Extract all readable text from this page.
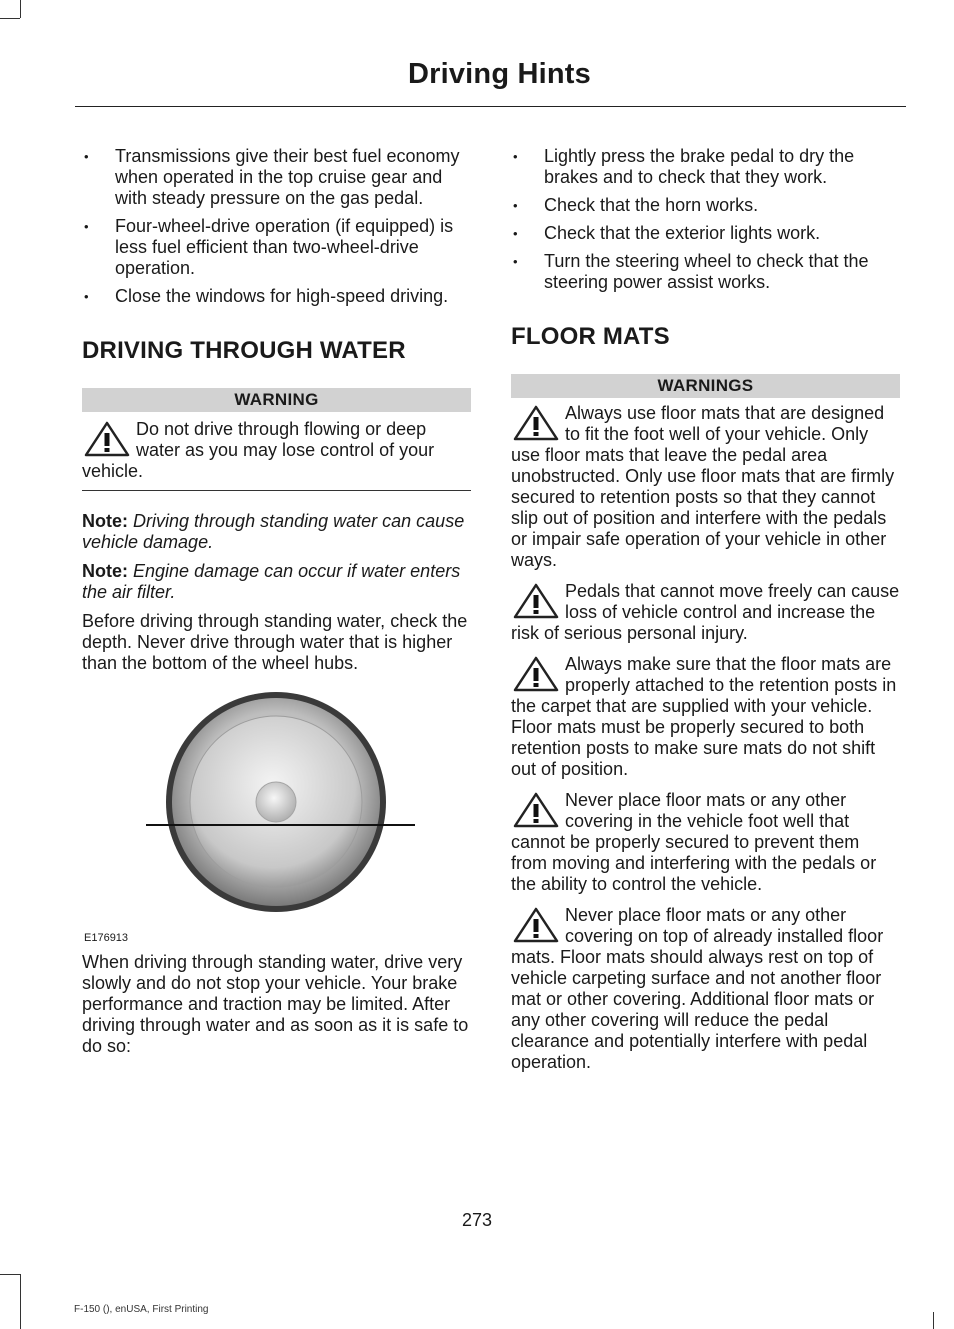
Driving Hints
• Transmissions give their best fuel economy when operated in the top cruise gear and with steady pressure on the gas pedal.
• Four-wheel-drive operation (if equipped) is less fuel efficient than two-wheel-drive operation.
• Close the windows for high-speed driving.
DRIVING THROUGH WATER
WARNING
Do not drive through flowing or deep water as you may lose control of your vehicle.

Note: Driving through standing water can cause vehicle damage.

Note: Engine damage can occur if water enters the air filter.

Before driving through standing water, check the depth. Never drive through water that is higher than the bottom of the wheel hubs.

E176913

When driving through standing water, drive very slowly and do not stop your vehicle. Your brake performance and traction may be limited. After driving through water and as soon as it is safe to do so:

• Lightly press the brake pedal to dry the brakes and to check that they work.
• Check that the horn works.
• Check that the exterior lights work.
• Turn the steering wheel to check that the steering power assist works.
FLOOR MATS
WARNINGS
Always use floor mats that are designed to fit the foot well of your vehicle. Only use floor mats that leave the pedal area unobstructed. Only use floor mats that are firmly secured to retention posts so that they cannot slip out of position and interfere with the pedals or impair safe operation of your vehicle in other ways.
Pedals that cannot move freely can cause loss of vehicle control and increase the risk of serious personal injury.
Always make sure that the floor mats are properly attached to the retention posts in the carpet that are supplied with your vehicle. Floor mats must be properly secured to both retention posts to make sure mats do not shift out of position.
Never place floor mats or any other covering in the vehicle foot well that cannot be properly secured to prevent them from moving and interfering with the pedals or the ability to control the vehicle.
Never place floor mats or any other covering on top of already installed floor mats. Floor mats should always rest on top of vehicle carpeting surface and not another floor mat or other covering. Additional floor mats or any other covering will reduce the pedal clearance and potentially interfere with pedal operation.
273
F-150 (), enUSA, First Printing
